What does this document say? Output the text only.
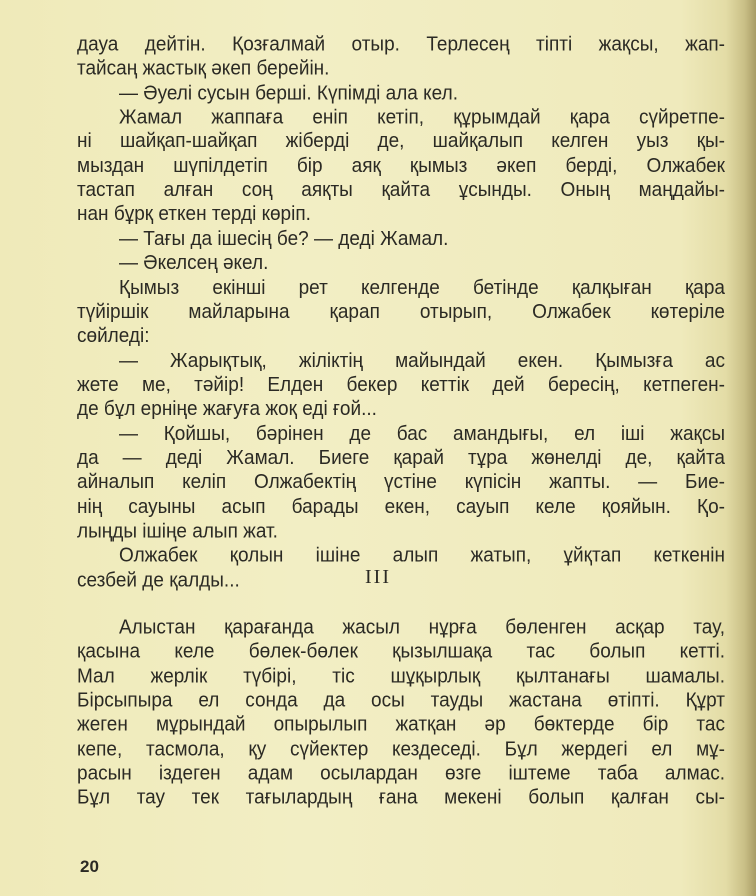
дауа дейтін. Қозғалмай отыр. Терлесең тіпті жақсы, жап-
тайсаң жастық әкеп берейін.
— Әуелі сусын берші. Күпімді ала кел.
Жамал жаппаға еніп кетіп, құрымдай қара сүйретпе-
ні шайқап-шайқап жіберді де, шайқалып келген уыз қы-
мыздан шүпілдетіп бір аяқ қымыз әкеп берді, Олжабек
тастап алған соң аяқты қайта ұсынды. Оның маңдайы-
нан бұрқ еткен терді көріп.
— Тағы да ішесің бе? — деді Жамал.
— Әкелсең әкел.
Қымыз екінші рет келгенде бетінде қалқыған қара
түйіршік майларына қарап отырып, Олжабек көтеріле
сөйледі:
— Жарықтық, жіліктің майындай екен. Қымызға ас
жете ме, тәйір! Елден бекер кеттік дей бересің, кетпеген-
де бұл ерніңе жағуға жоқ еді ғой...
— Қойшы, бәрінен де бас амандығы, ел іші жақсы
да — деді Жамал. Биеге қарай тұра жөнелді де, қайта
айналып келіп Олжабектің үстіне күпісін жапты. — Бие-
нің сауыны асып барады екен, сауып келе қояйын. Қо-
лыңды ішіңе алып жат.
Олжабек қолын ішіне алып жатып, ұйқтап кеткенін
сезбей де қалды...	III
Алыстан қарағанда жасыл нұрға бөленген асқар тау,
қасына келе бөлек-бөлек қызылшақа тас болып кетті.
Мал жерлік түбірі, тіс шұқырлық қылтанағы шамалы.
Бірсыпыра ел сонда да осы тауды жастана өтіпті. Құрт
жеген мұрындай опырылып жатқан әр бөктерде бір тас
кепе, тасмола, қу сүйектер кездеседі. Бұл жердегі ел мұ-
расын іздеген адам осылардан өзге іштеме таба алмас.
Бұл тау тек тағылардың ғана мекені болып қалған сы-
20
